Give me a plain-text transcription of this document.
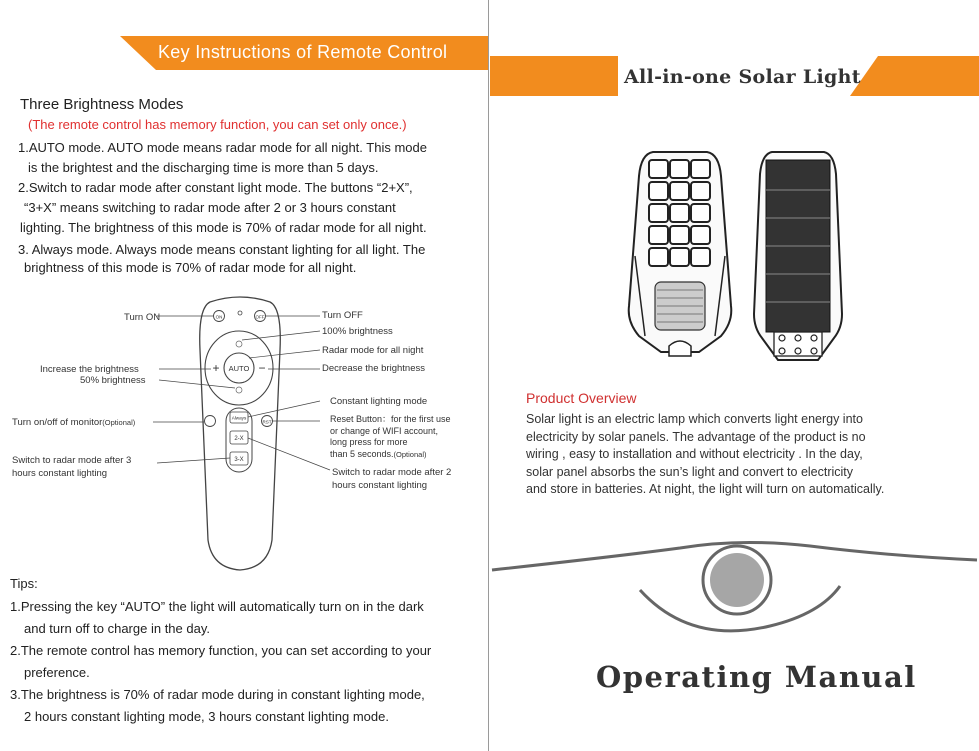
Key Instructions of Remote Control
Three Brightness Modes
(The remote control has memory function, you can set only once.)
1.AUTO mode. AUTO mode means radar mode for all night. This mode
is the brightest and the discharging time is more than 5 days.
2.Switch to radar mode after constant light mode. The buttons “2+X”,
“3+X” means switching to radar mode after 2 or 3 hours constant
lighting. The brightness of this mode is 70% of radar mode for all night.
3. Always mode. Always mode means constant lighting for all light. The
brightness of this mode is 70% of radar mode for all night.
ON	OFF
AUTO
+	−
RST
Always
2-X
3-X
Turn ON	Turn OFF
100% brightness
Radar mode for all night
Increase the brightness
50% brightness
Decrease the brightness
Constant lighting mode
Turn on/off of monitor(Optional)	Reset Button：for the first use
or change of WIFI account,
long press for more
than 5 seconds.(Optional)
Switch to radar mode after 3
hours constant lighting	Switch to radar mode after 2
hours constant lighting
Tips:
1.Pressing the key “AUTO” the light will automatically turn on in the dark
and turn off to charge in the day.
2.The remote control has memory function, you can set according to your
preference.
3.The brightness is 70% of radar mode during in constant lighting mode,
2 hours constant lighting mode, 3 hours constant lighting mode.
All-in-one Solar Light
Product Overview
Solar light is an electric lamp which converts light energy into
electricity by solar panels. The advantage of the product is no
wiring , easy to installation and without electricity . In the day,
solar panel absorbs the sun’s light and convert to electricity
and store in batteries. At night, the light will turn on automatically.
Operating Manual
